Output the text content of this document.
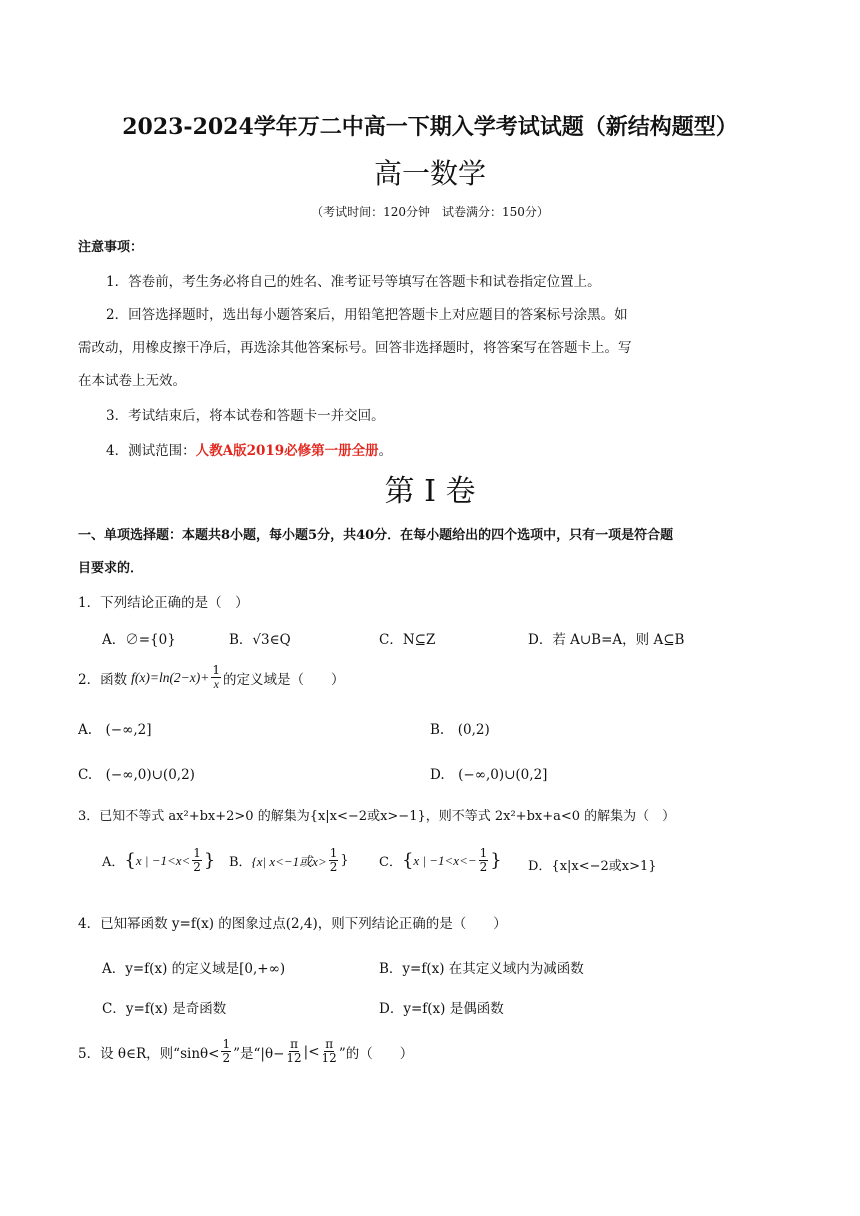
2023-2024学年万二中高一下期入学考试试题（新结构题型）
高一数学
（考试时间：120分钟　试卷满分：150分）
注意事项：
1．答卷前，考生务必将自己的姓名、准考证号等填写在答题卡和试卷指定位置上。
2．回答选择题时，选出每小题答案后，用铅笔把答题卡上对应题目的答案标号涂黑。如
需改动，用橡皮擦干净后，再选涂其他答案标号。回答非选择题时，将答案写在答题卡上。写
在本试卷上无效。
3．考试结束后，将本试卷和答题卡一并交回。
4．测试范围：人教A版2019必修第一册全册。
第 I 卷
一、单项选择题：本题共8小题，每小题5分，共40分．在每小题给出的四个选项中，只有一项是符合题
目要求的．
1．下列结论正确的是（　）
A．∅={0}	B．√3∈Q	C．N⊆Z	D．若 A∪B=A，则 A⊆B
2．函数 $f(x)=\ln(2-x)+ \frac{1}{x}$ 的定义域是（　　）
A.　(−∞,2]	B.　(0,2)
C.　(−∞,0)∪(0,2)	D.　(−∞,0)∪(0,2]
3．已知不等式 ax²+bx+2>0 的解集为{x|x<−2或x>−1}，则不等式 2x²+bx+a<0 的解集为（　）
A． { x | $-1<x< \frac{1}{2}$ } B． {x| x<−1或$x> \frac{1}{2}$ } C． { x | $-1<x<- \frac{1}{2}$ } D．{x|x<−2或x>1}
4．已知幂函数 y=f(x) 的图象过点(2,4)，则下列结论正确的是（　　）
A．y=f(x) 的定义域是[0,+∞)	B．y=f(x) 在其定义域内为减函数
C．y=f(x) 是奇函数	D．y=f(x) 是偶函数
5．设 θ∈R，则“$\sin\theta< \frac{1}{2}$ ”是“$|\theta- \frac{\pi}{12}$ |< $\frac{\pi}{12}$ ”的（　　）
